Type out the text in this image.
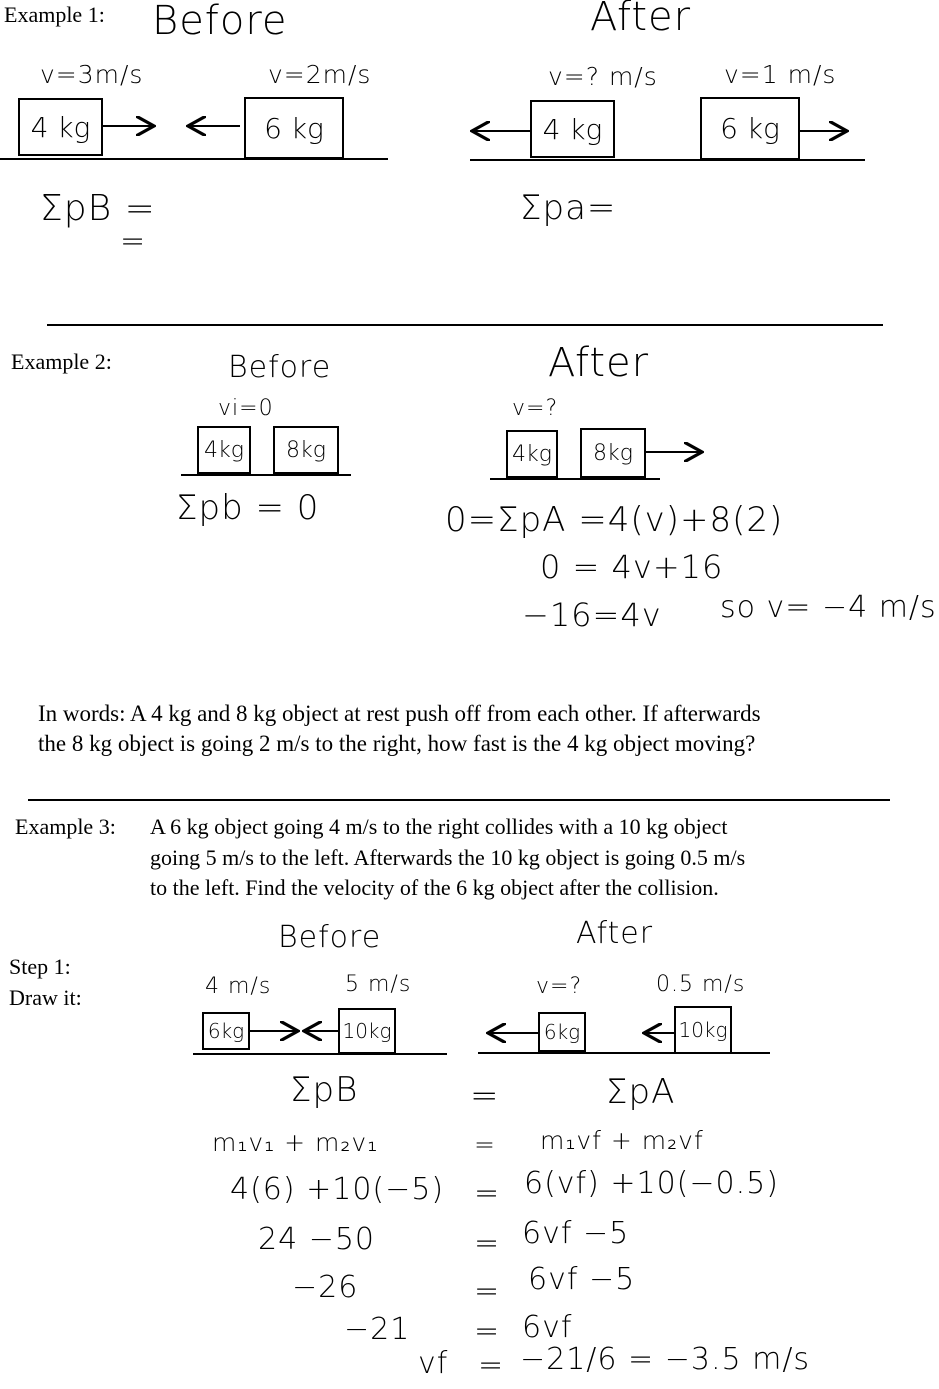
Example 1: Before	After
v=3m/s	v=2m/s
4 kg	6 kg
v=? m/s	v=1 m/s
4 kg	6 kg
ΣpB =
=
Σpa=
Example 2:	Before	After
vi=0
4kg	8kg
Σpb = 0
v=?
4kg	8kg
0=ΣpA =4(v)+8(2)
0 = 4v+16
−16=4v so v= −4 m/s
In words: A 4 kg and 8 kg object at rest push off from each other. If afterwards
the 8 kg object is going 2 m/s to the right, how fast is the 4 kg object moving?
Example 3: A 6 kg object going 4 m/s to the right collides with a 10 kg object
going 5 m/s to the left. Afterwards the 10 kg object is going 0.5 m/s
to the left. Find the velocity of the 6 kg object after the collision.
Step 1:
Draw it:
Before	After
4 m/s	5 m/s
6kg	10kg
v=?	0.5 m/s
6kg	10kg
ΣpB	=	ΣpA
m₁v₁ + m₂v₁	= m₁vf + m₂vf
4(6) +10(−5) = 6(vf) +10(−0.5)
24 −50	= 6vf −5
−26	= 6vf −5
−21 = 6vf
vf = −21/6 = −3.5 m/s
